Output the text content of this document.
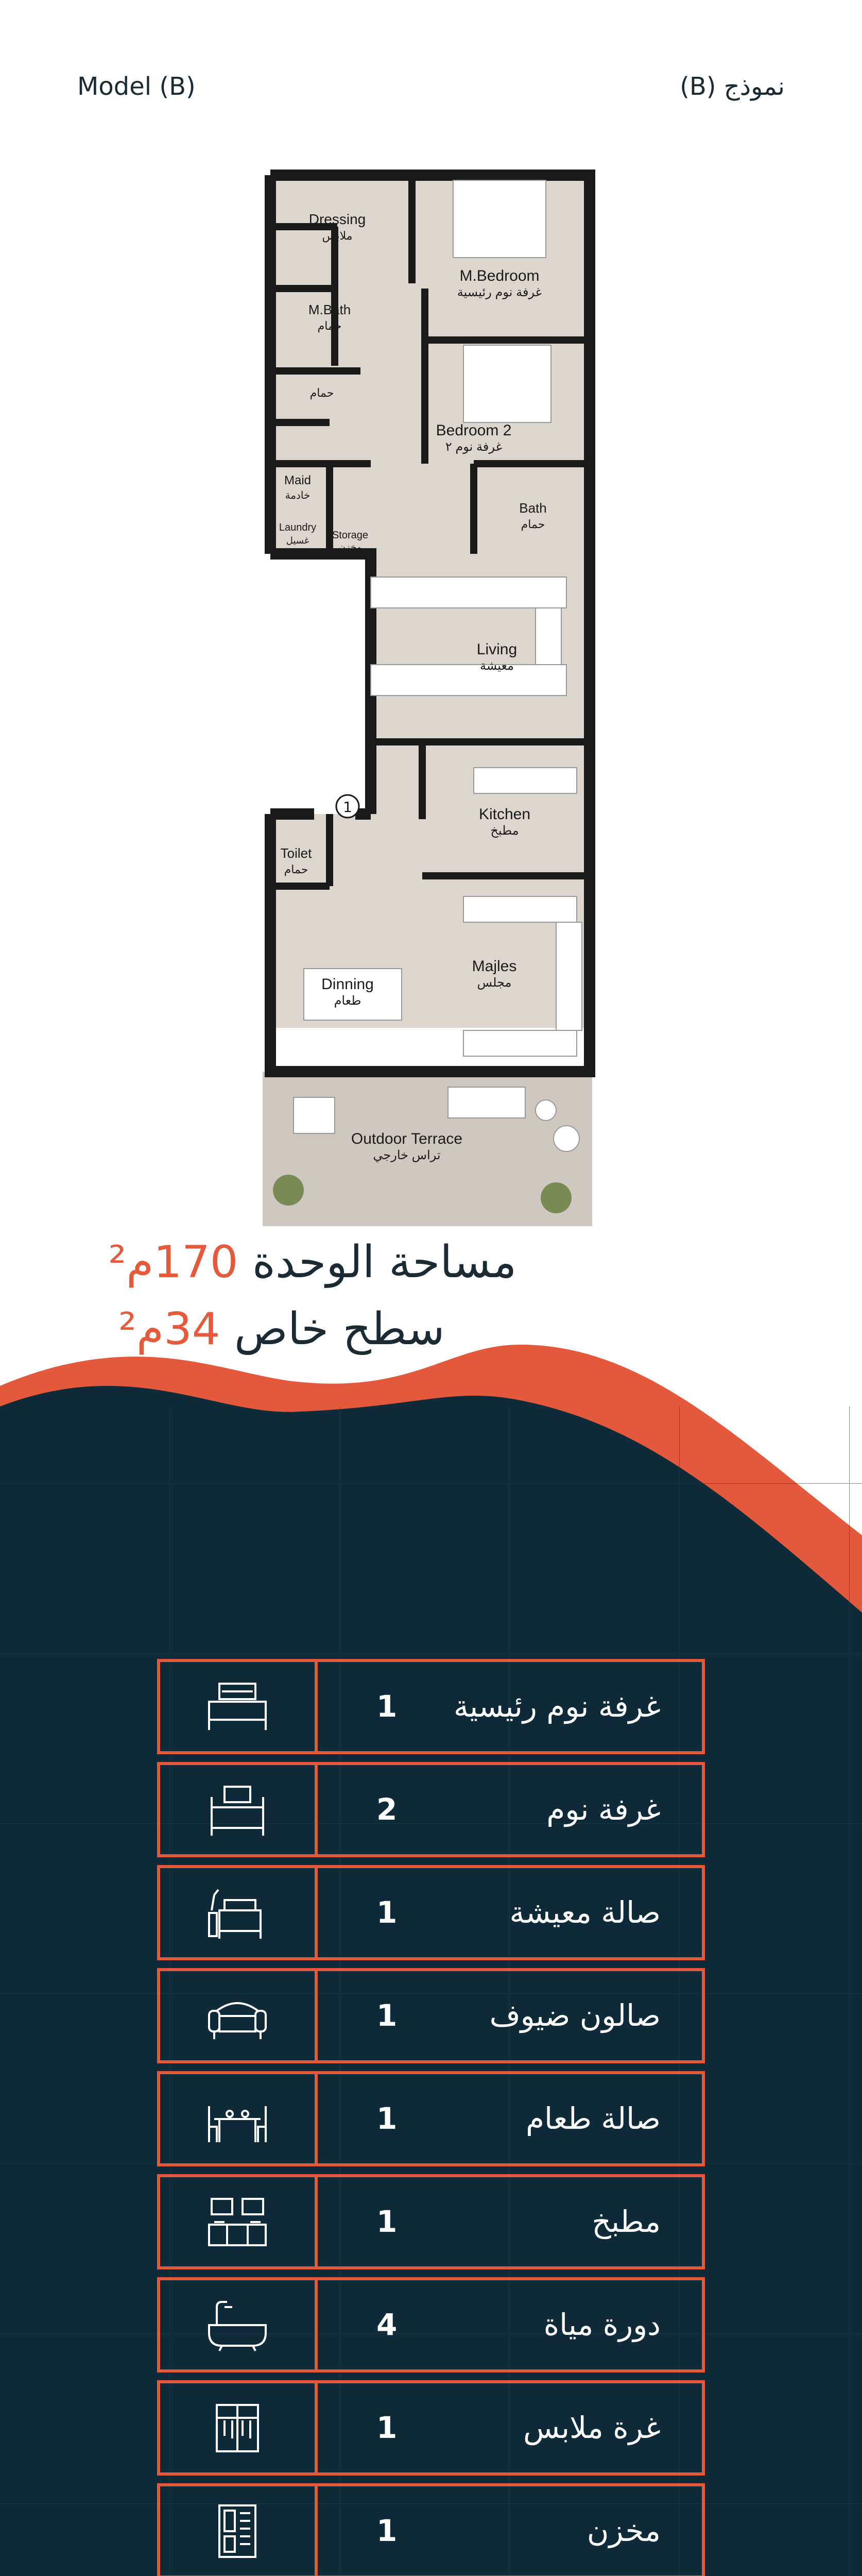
Model (B)	نموذج (B)
1
Dressing
ملابس
M.Bedroom
غرفة نوم رئيسية
M.Bath
حمام
حمام
Bedroom 2
غرفة نوم ٢
Maid
خادمة
Laundry
غسيل Storage
مخزن
Bath
حمام
Living
معيشة
Kitchen
مطبخ
Toilet
حمام
Majles
مجلس
Dinning
طعام
Outdoor Terrace
تراس خارجي
مساحة الوحدة 170م²
سطح خاص 34م²
1 غرفة نوم رئيسية
2	غرفة نوم
1	صالة معيشة
1	صالون ضيوف
1	صالة طعام
1	مطبخ
4	دورة مياة
1	غرة ملابس
1	مخزن
